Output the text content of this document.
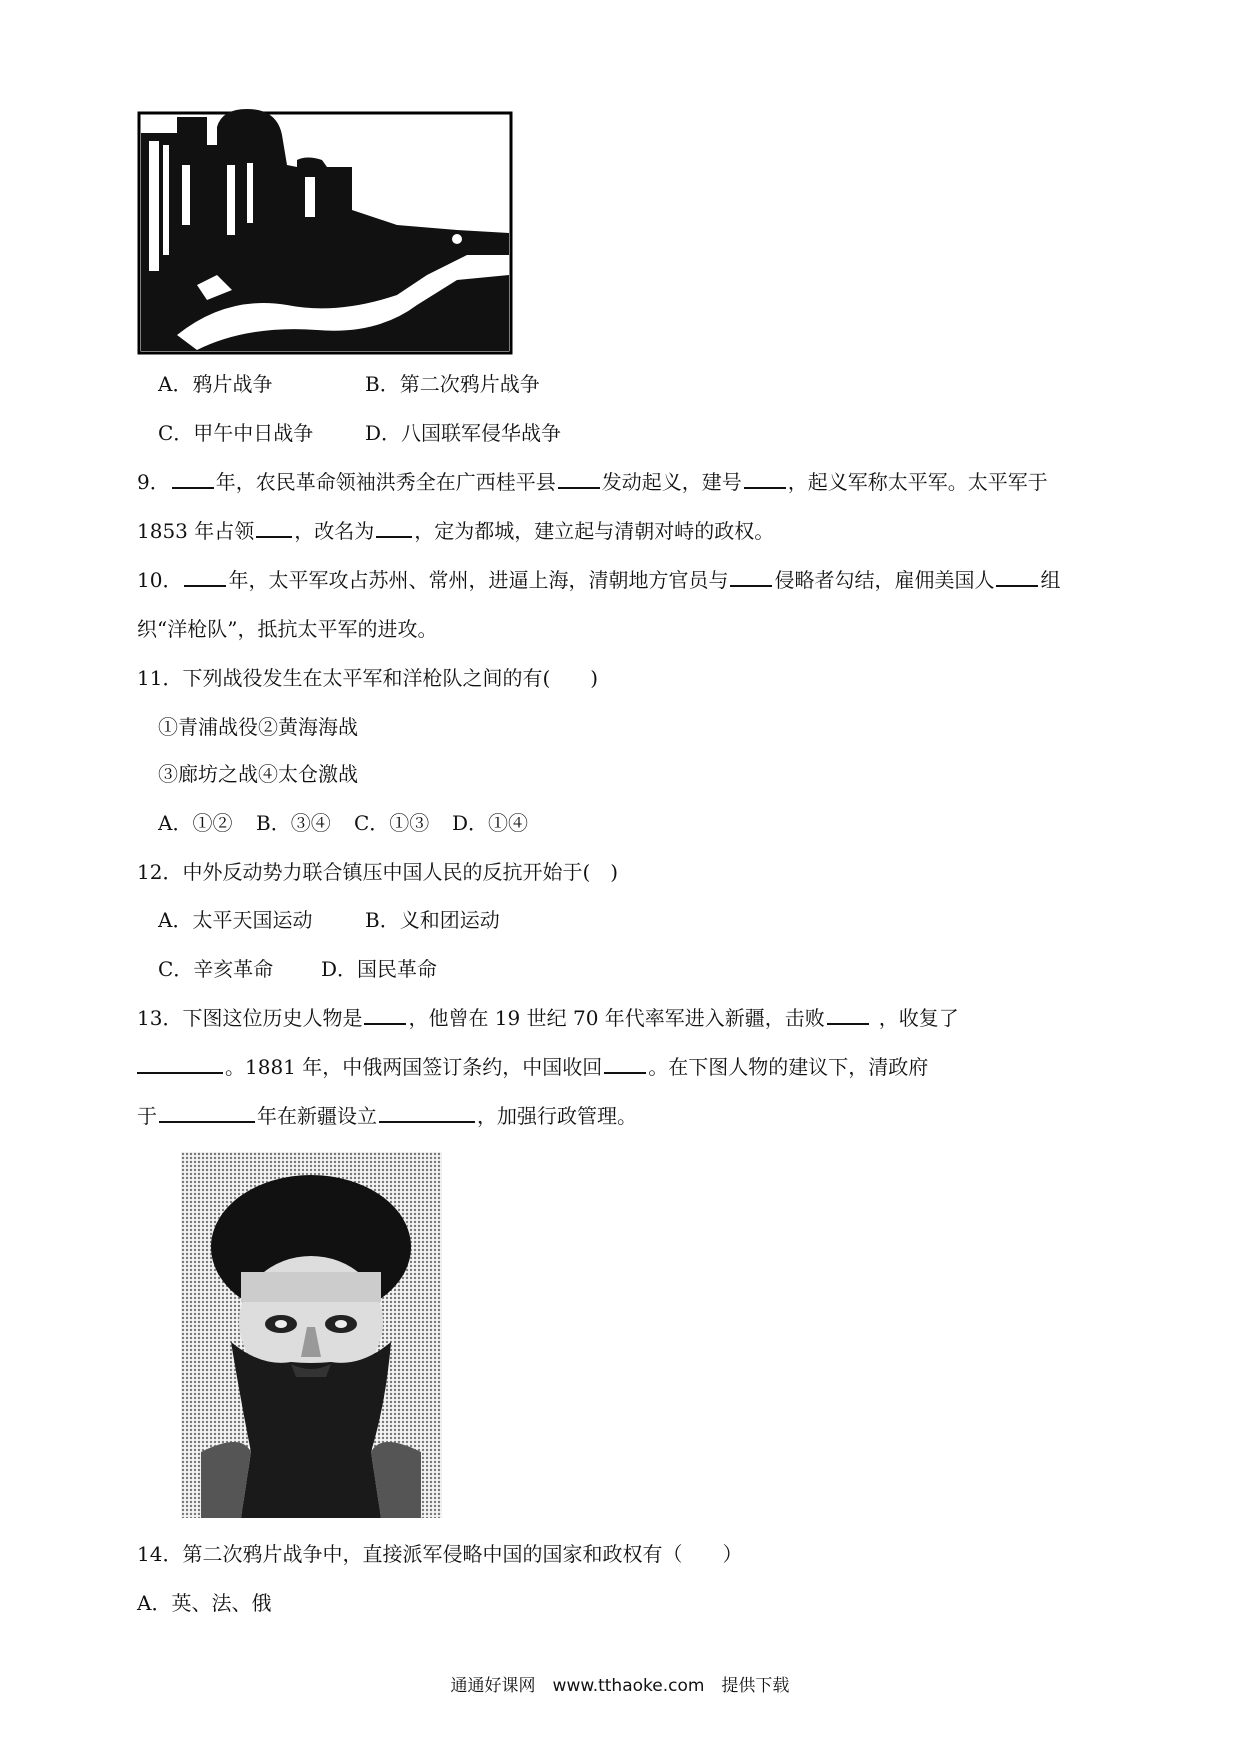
A．鸦片战争	B．第二次鸦片战争
C．甲午中日战争	D．八国联军侵华战争
9． 年，农民革命领袖洪秀全在广西桂平县 发动起义，建号 ，起义军称太平军。太平军于
1853 年占领 ，改名为 ，定为都城，建立起与清朝对峙的政权。
10． 年，太平军攻占苏州、常州，进逼上海，清朝地方官员与 侵略者勾结，雇佣美国人 组
织“洋枪队”，抵抗太平军的进攻。
11．下列战役发生在太平军和洋枪队之间的有(　　)
①青浦战役②黄海海战
③廊坊之战④太仓激战
A．①② B．③④ C．①③ D．①④
12．中外反动势力联合镇压中国人民的反抗开始于(　)
A．太平天国运动	B．义和团运动
C．辛亥革命 D．国民革命
13．下图这位历史人物是 ，他曾在 19 世纪 70 年代率军进入新疆，击败	，收复了
。1881 年，中俄两国签订条约，中国收回 。在下图人物的建议下，清政府
于	年在新疆设立	，加强行政管理。
14．第二次鸦片战争中，直接派军侵略中国的国家和政权有（　　）
A．英、法、俄
通通好课网　www.tthaoke.com　提供下载
